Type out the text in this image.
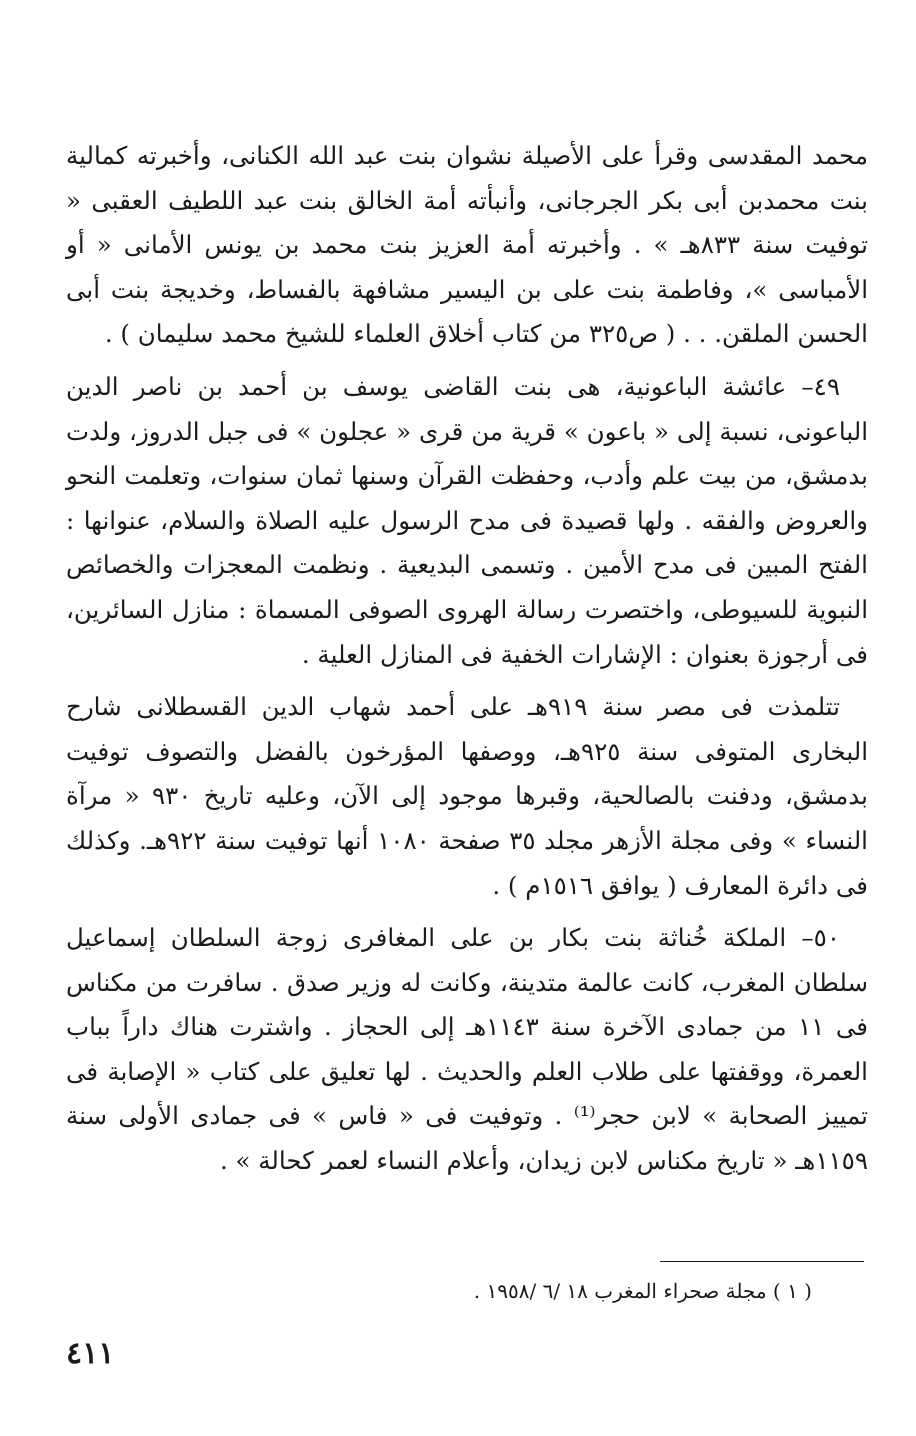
محمد المقدسى وقرأ على الأصيلة نشوان بنت عبد الله الكنانى، وأخبرته كمالية بنت محمدبن أبى بكر الجرجانى، وأنبأته أمة الخالق بنت عبد اللطيف العقبى « توفيت سنة ٨٣٣هـ » . وأخبرته أمة العزيز بنت محمد بن يونس الأمانى « أو الأمباسى »، وفاطمة بنت على بن اليسير مشافهة بالفساط، وخديجة بنت أبى الحسن الملقن. . . ( ص٣٢٥ من كتاب أخلاق العلماء للشيخ محمد سليمان ) .

٤٩– عائشة الباعونية، هى بنت القاضى يوسف بن أحمد بن ناصر الدين الباعونى، نسبة إلى « باعون » قرية من قرى « عجلون » فى جبل الدروز، ولدت بدمشق، من بيت علم وأدب، وحفظت القرآن وسنها ثمان سنوات، وتعلمت النحو والعروض والفقه . ولها قصيدة فى مدح الرسول عليه الصلاة والسلام، عنوانها : الفتح المبين فى مدح الأمين . وتسمى البديعية . ونظمت المعجزات والخصائص النبوية للسيوطى، واختصرت رسالة الهروى الصوفى المسماة : منازل السائرين، فى أرجوزة بعنوان : الإشارات الخفية فى المنازل العلية .

تتلمذت فى مصر سنة ٩١٩هـ على أحمد شهاب الدين القسطلانى شارح البخارى المتوفى سنة ٩٢٥هـ، ووصفها المؤرخون بالفضل والتصوف توفيت بدمشق، ودفنت بالصالحية، وقبرها موجود إلى الآن، وعليه تاريخ ٩٣٠ « مرآة النساء » وفى مجلة الأزهر مجلد ٣٥ صفحة ١٠٨٠ أنها توفيت سنة ٩٢٢هـ. وكذلك فى دائرة المعارف ( يوافق ١٥١٦م ) .

٥٠– الملكة خُناثة بنت بكار بن على المغافرى زوجة السلطان إسماعيل سلطان المغرب، كانت عالمة متدينة، وكانت له وزير صدق . سافرت من مكناس فى ١١ من جمادى الآخرة سنة ١١٤٣هـ إلى الحجاز . واشترت هناك داراً بباب العمرة، ووقفتها على طلاب العلم والحديث . لها تعليق على كتاب « الإصابة فى تمييز الصحابة » لابن حجر⁽¹⁾ . وتوفيت فى « فاس » فى جمادى الأولى سنة ١١٥٩هـ « تاريخ مكناس لابن زيدان، وأعلام النساء لعمر كحالة » .

( ١ ) مجلة صحراء المغرب ١٨ /٦ /١٩٥٨ .
٤١١
